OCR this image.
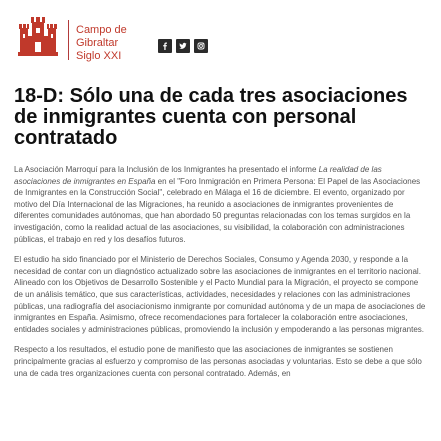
Campo de
Gibraltar
Siglo XXI
18-D: Sólo una de cada tres asociaciones de inmigrantes cuenta con personal contratado

La Asociación Marroquí para la Inclusión de los Inmigrantes ha presentado el informe La realidad de las asociaciones de inmigrantes en España en el "Foro Inmigración en Primera Persona: El Papel de las Asociaciones de Inmigrantes en la Construcción Social", celebrado en Málaga el 16 de diciembre. El evento, organizado por motivo del Día Internacional de las Migraciones, ha reunido a asociaciones de inmigrantes provenientes de diferentes comunidades autónomas, que han abordado 50 preguntas relacionadas con los temas surgidos en la investigación, como la realidad actual de las asociaciones, su visibilidad, la colaboración con administraciones públicas, el trabajo en red y los desafíos futuros.

El estudio ha sido financiado por el Ministerio de Derechos Sociales, Consumo y Agenda 2030, y responde a la necesidad de contar con un diagnóstico actualizado sobre las asociaciones de inmigrantes en el territorio nacional. Alineado con los Objetivos de Desarrollo Sostenible y el Pacto Mundial para la Migración, el proyecto se compone de un análisis temático, que sus características, actividades, necesidades y relaciones con las administraciones públicas, una radiografía del asociacionismo inmigrante por comunidad autónoma y de un mapa de asociaciones de inmigrantes en España. Asimismo, ofrece recomendaciones para fortalecer la colaboración entre asociaciones, entidades sociales y administraciones públicas, promoviendo la inclusión y empoderando a las personas migrantes.

Respecto a los resultados, el estudio pone de manifiesto que las asociaciones de inmigrantes se sostienen principalmente gracias al esfuerzo y compromiso de las personas asociadas y voluntarias. Esto se debe a que sólo una de cada tres organizaciones cuenta con personal contratado. Además, en
